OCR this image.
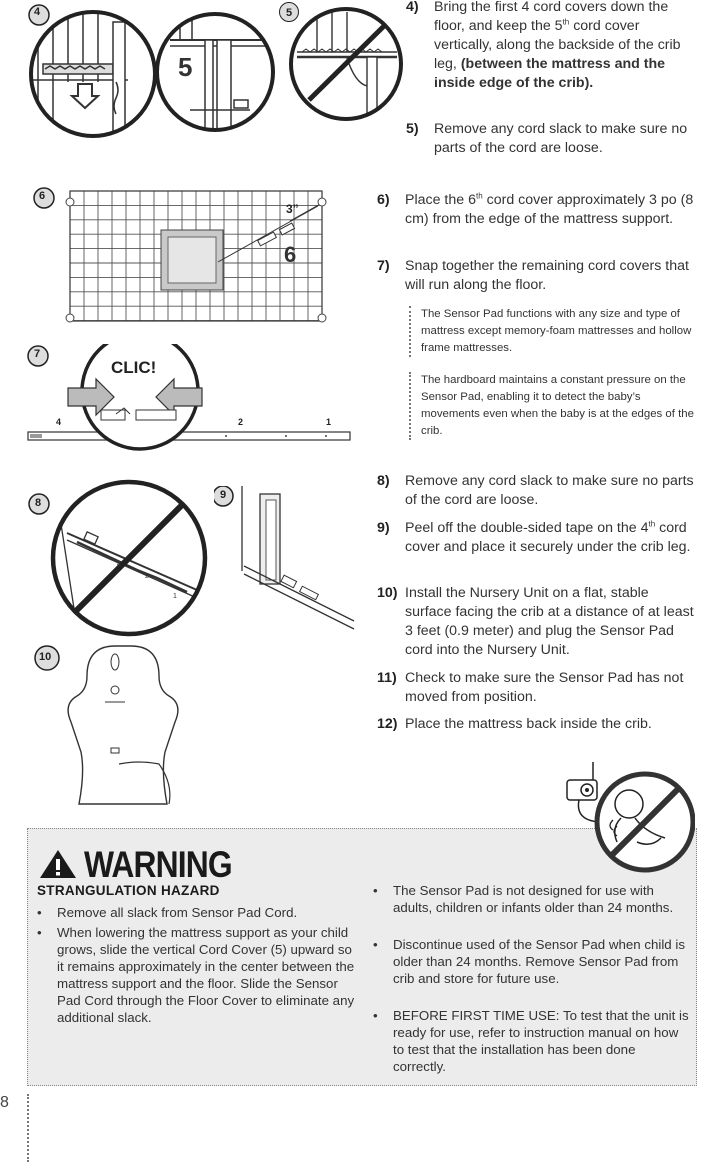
4
5
5	4)	Bring the first 4 cord covers down the floor, and keep the 5th cord cover vertically, along the backside of the crib leg, (between the mattress and the inside edge of the crib).
5)	Remove any cord slack to make sure no parts of the cord are loose.
6
3”
6
6)	Place the 6th cord cover approximately 3 po (8 cm) from the edge of the mattress support.
7)	Snap together the remaining cord covers that will run along the floor.
The Sensor Pad functions with any size and type of mattress except memory-foam mattresses and hollow frame mattresses.
The hardboard maintains a constant pressure on the Sensor Pad, enabling it to detect the baby’s movements even when the baby is at the edges of the crib.
7
CLIC!
4	2	1
4
2
1
8
9
10
8)	Remove any cord slack to make sure no parts of the cord are loose.
9)	Peel off the double-sided tape on the 4th cord cover and place it securely under the crib leg.
10) Install the Nursery Unit on a flat, stable surface facing the crib at a distance of at least 3 feet (0.9 meter) and plug the Sensor Pad cord into the Nursery Unit.
11) Check to make sure the Sensor Pad has not moved from position.
12) Place the mattress back inside the crib.
WARNING
STRANGULATION HAZARD
•	Remove all slack from Sensor Pad Cord.
•	When lowering the mattress support as your child grows, slide the vertical Cord Cover (5) upward so it remains approximately in the center between the mattress support and the floor. Slide the Sensor Pad Cord through the Floor Cover to eliminate any additional slack.
•	The Sensor Pad is not designed for use with adults, children or infants older than 24 months.
•	Discontinue used of the Sensor Pad when child is older than 24 months. Remove Sensor Pad from crib and store for future use.
•	BEFORE FIRST TIME USE: To test that the unit is ready for use, refer to instruction manual on how to test that the installation has been done correctly.
8
